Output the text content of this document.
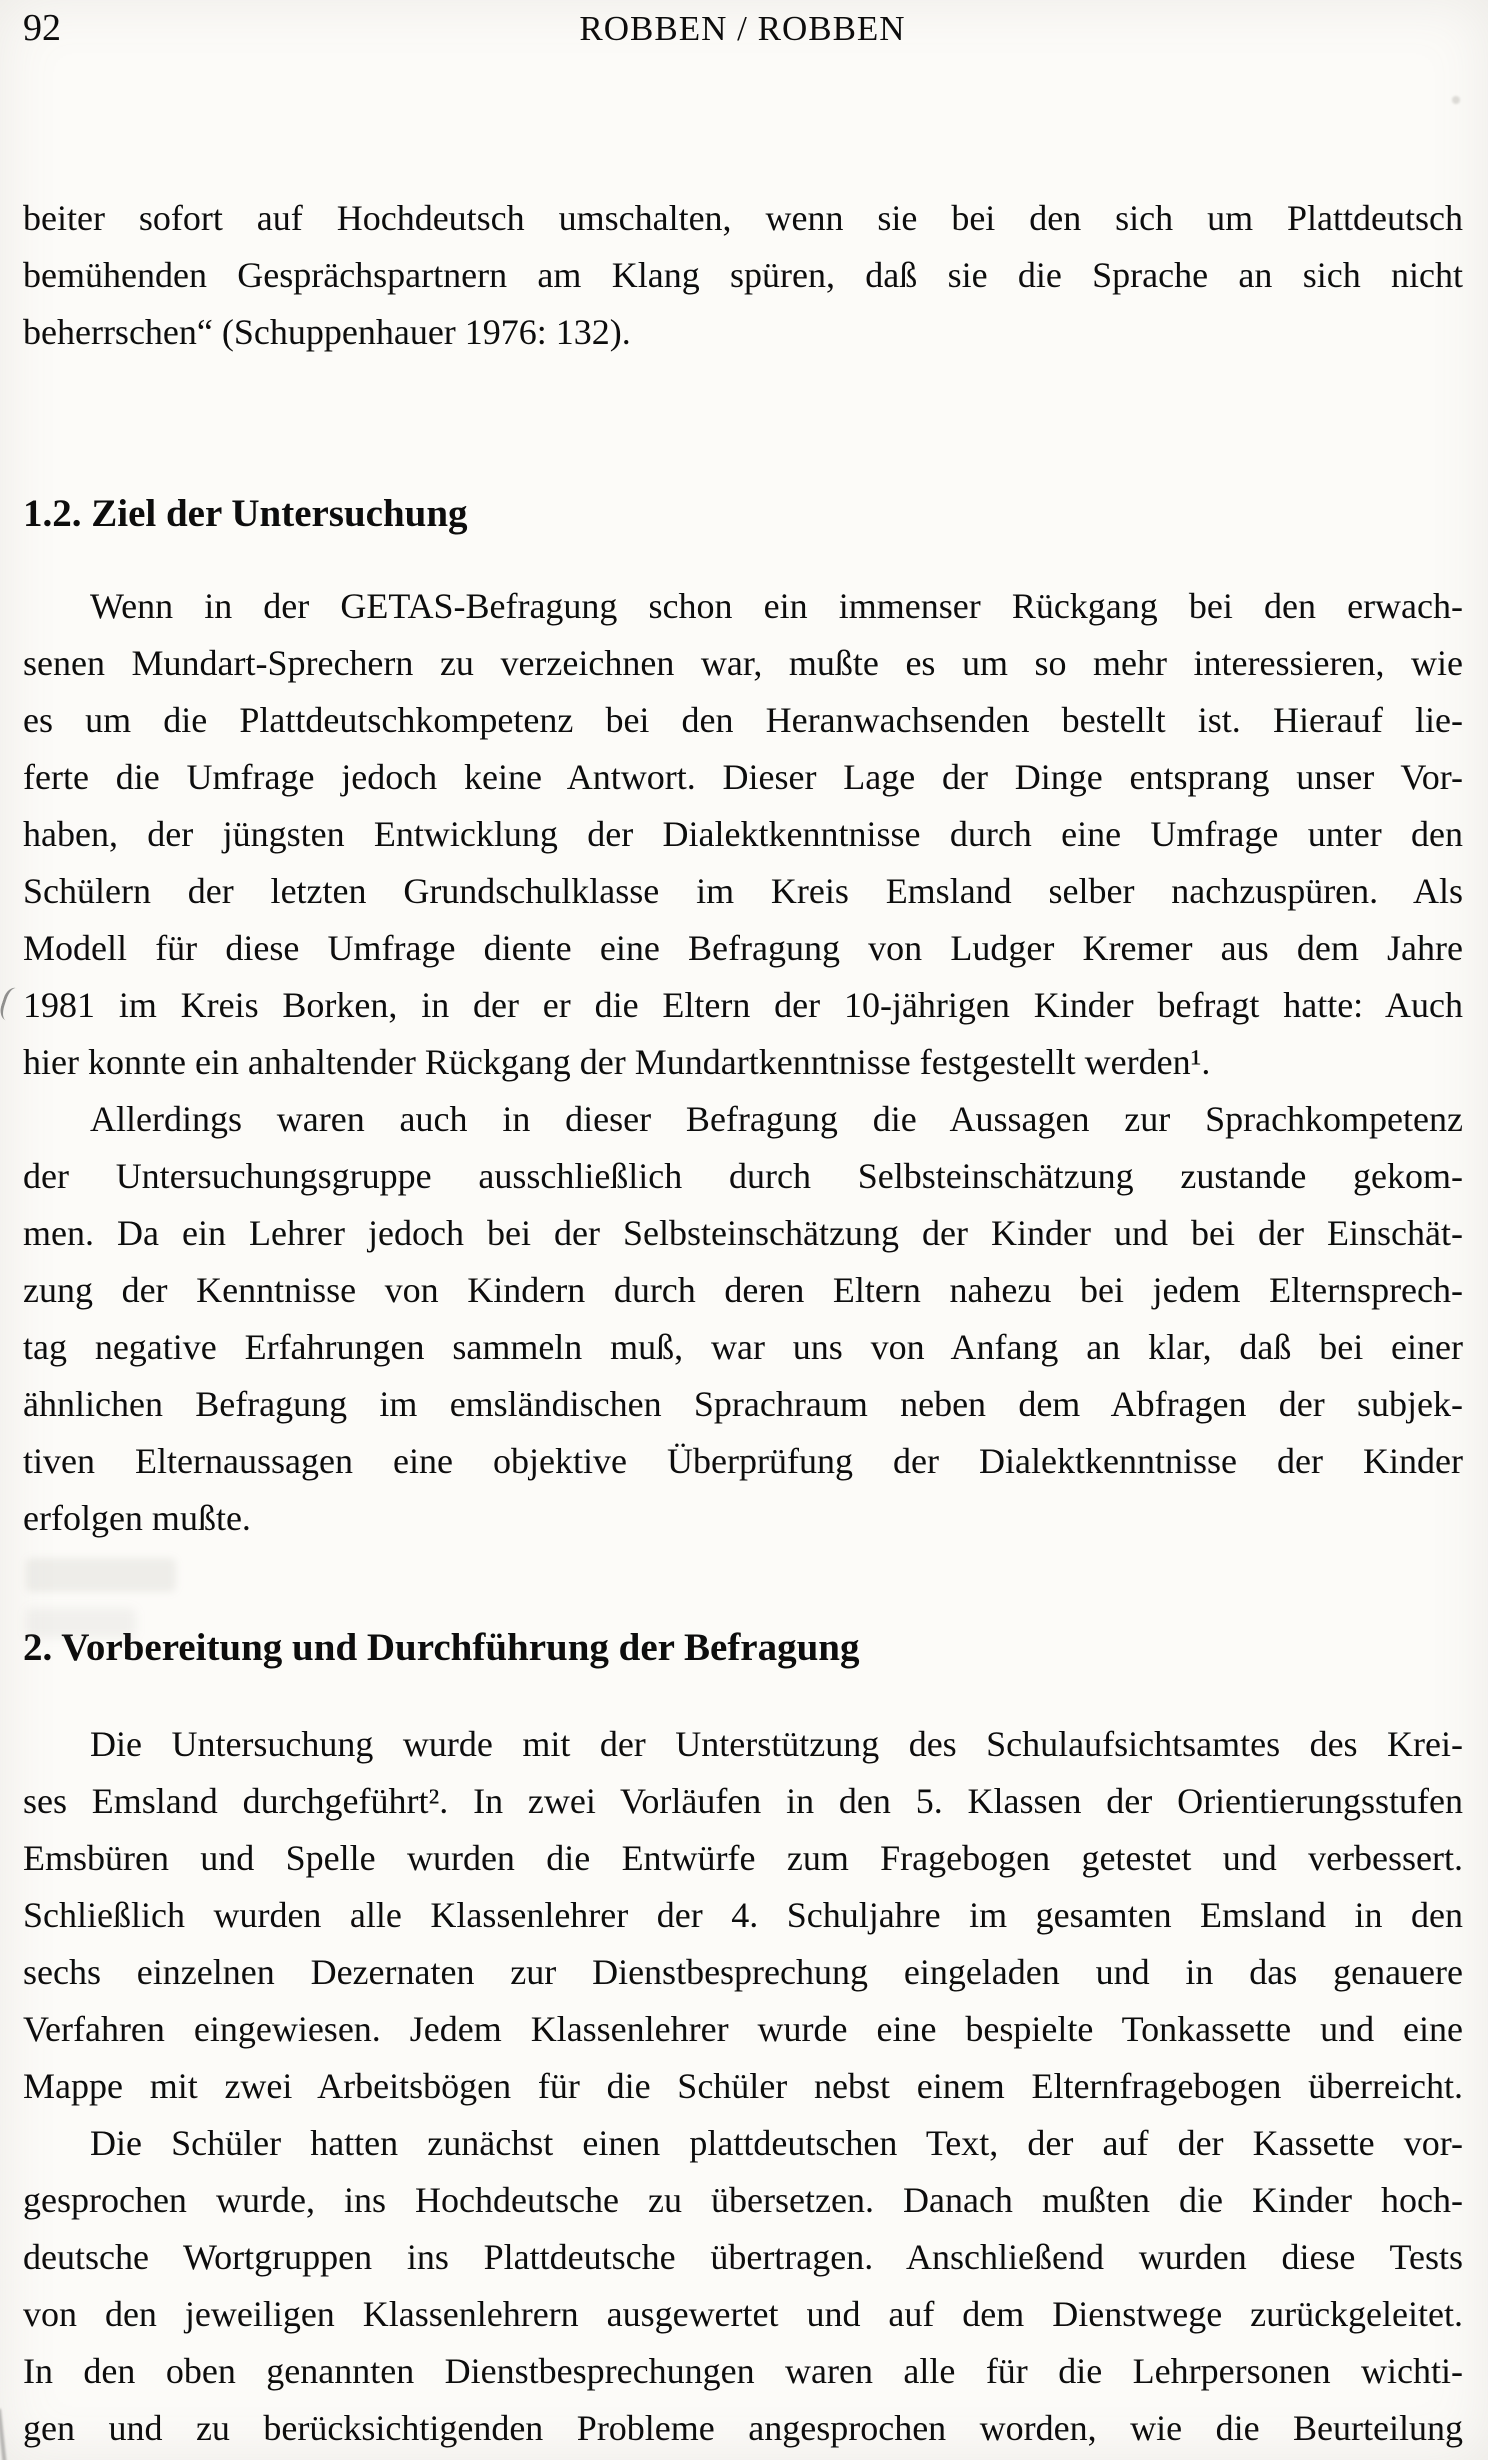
92	ROBBEN / ROBBEN
beiter sofort auf Hochdeutsch umschalten, wenn sie bei den sich um Plattdeutsch
bemühenden Gesprächspartnern am Klang spüren, daß sie die Sprache an sich nicht
beherrschen“ (Schuppenhauer 1976: 132).
1.2. Ziel der Untersuchung
Wenn in der GETAS-Befragung schon ein immenser Rückgang bei den erwach-
senen Mundart-Sprechern zu verzeichnen war, mußte es um so mehr interessieren, wie
es um die Plattdeutschkompetenz bei den Heranwachsenden bestellt ist. Hierauf lie-
ferte die Umfrage jedoch keine Antwort. Dieser Lage der Dinge entsprang unser Vor-
haben, der jüngsten Entwicklung der Dialektkenntnisse durch eine Umfrage unter den
Schülern der letzten Grundschulklasse im Kreis Emsland selber nachzuspüren. Als
Modell für diese Umfrage diente eine Befragung von Ludger Kremer aus dem Jahre
1981 im Kreis Borken, in der er die Eltern der 10-jährigen Kinder befragt hatte: Auch
hier konnte ein anhaltender Rückgang der Mundartkenntnisse festgestellt werden¹.
Allerdings waren auch in dieser Befragung die Aussagen zur Sprachkompetenz
der Untersuchungsgruppe ausschließlich durch Selbsteinschätzung zustande gekom-
men. Da ein Lehrer jedoch bei der Selbsteinschätzung der Kinder und bei der Einschät-
zung der Kenntnisse von Kindern durch deren Eltern nahezu bei jedem Elternsprech-
tag negative Erfahrungen sammeln muß, war uns von Anfang an klar, daß bei einer
ähnlichen Befragung im emsländischen Sprachraum neben dem Abfragen der subjek-
tiven Elternaussagen eine objektive Überprüfung der Dialektkenntnisse der Kinder
erfolgen mußte.
2. Vorbereitung und Durchführung der Befragung
Die Untersuchung wurde mit der Unterstützung des Schulaufsichtsamtes des Krei-
ses Emsland durchgeführt². In zwei Vorläufen in den 5. Klassen der Orientierungsstufen
Emsbüren und Spelle wurden die Entwürfe zum Fragebogen getestet und verbessert.
Schließlich wurden alle Klassenlehrer der 4. Schuljahre im gesamten Emsland in den
sechs einzelnen Dezernaten zur Dienstbesprechung eingeladen und in das genauere
Verfahren eingewiesen. Jedem Klassenlehrer wurde eine bespielte Tonkassette und eine
Mappe mit zwei Arbeitsbögen für die Schüler nebst einem Elternfragebogen überreicht.
Die Schüler hatten zunächst einen plattdeutschen Text, der auf der Kassette vor-
gesprochen wurde, ins Hochdeutsche zu übersetzen. Danach mußten die Kinder hoch-
deutsche Wortgruppen ins Plattdeutsche übertragen. Anschließend wurden diese Tests
von den jeweiligen Klassenlehrern ausgewertet und auf dem Dienstwege zurückgeleitet.
In den oben genannten Dienstbesprechungen waren alle für die Lehrpersonen wichti-
gen und zu berücksichtigenden Probleme angesprochen worden, wie die Beurteilung
